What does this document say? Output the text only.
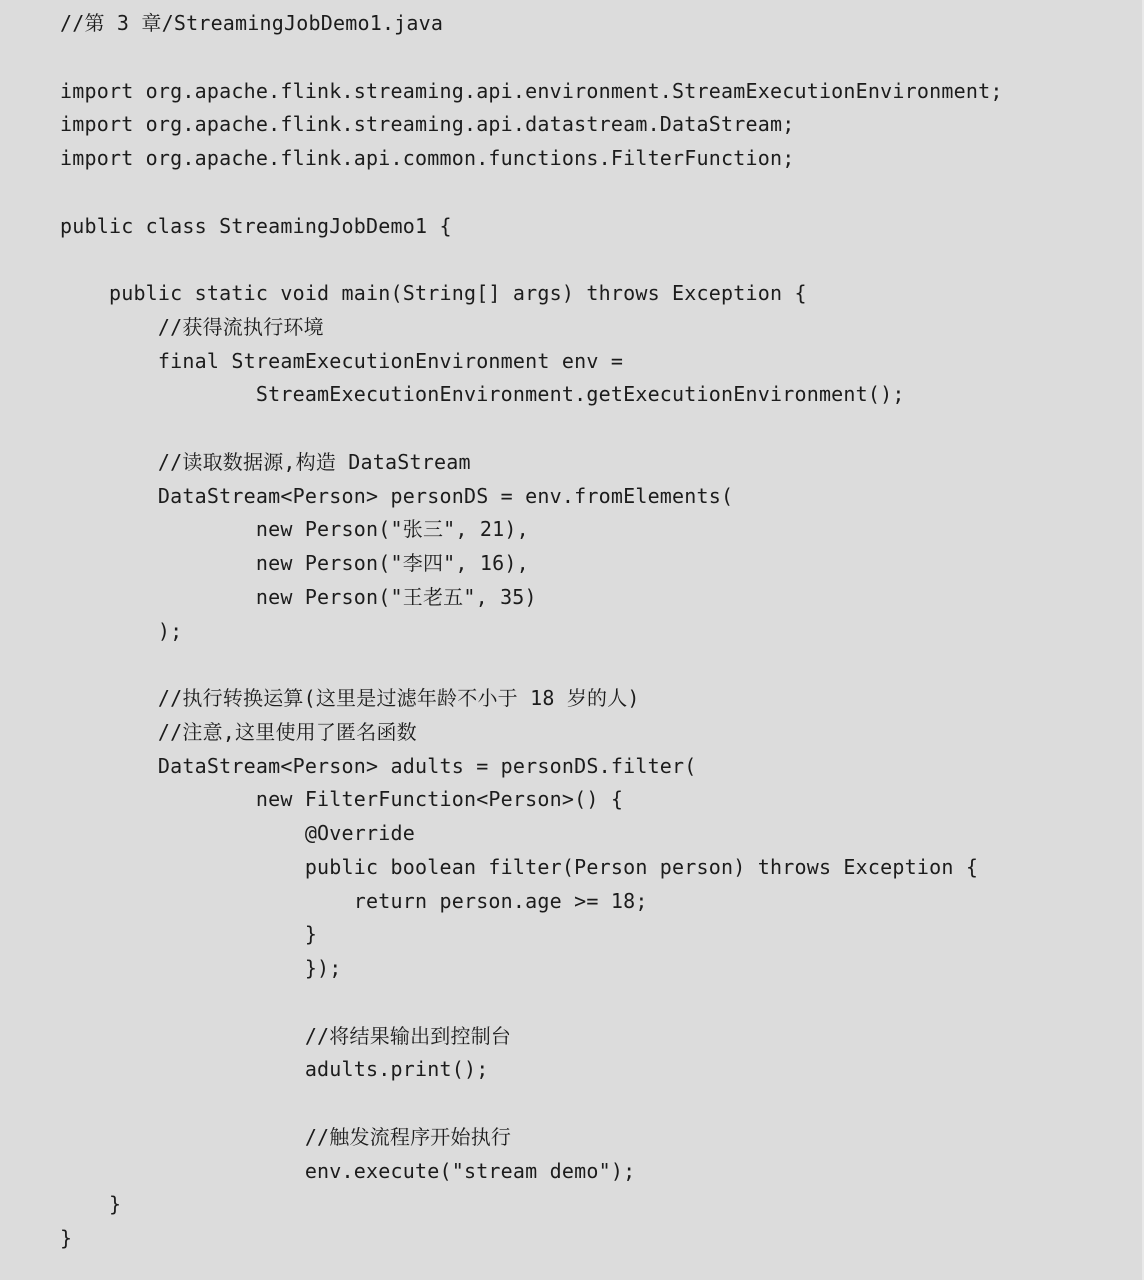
//第 3 章/StreamingJobDemo1.java
import org.apache.flink.streaming.api.environment.StreamExecutionEnvironment;
import org.apache.flink.streaming.api.datastream.DataStream;
import org.apache.flink.api.common.functions.FilterFunction;
public class StreamingJobDemo1 {
public static void main(String[] args) throws Exception {
//获得流执行环境
final StreamExecutionEnvironment env =
StreamExecutionEnvironment.getExecutionEnvironment();
//读取数据源,构造 DataStream
DataStream<Person> personDS = env.fromElements(
new Person("张三", 21),
new Person("李四", 16),
new Person("王老五", 35)
);
//执行转换运算(这里是过滤年龄不小于 18 岁的人)
//注意,这里使用了匿名函数
DataStream<Person> adults = personDS.filter(
new FilterFunction<Person>() {
@Override
public boolean filter(Person person) throws Exception {
return person.age >= 18;
}
});
//将结果输出到控制台
adults.print();
//触发流程序开始执行
env.execute("stream demo");
}
}
